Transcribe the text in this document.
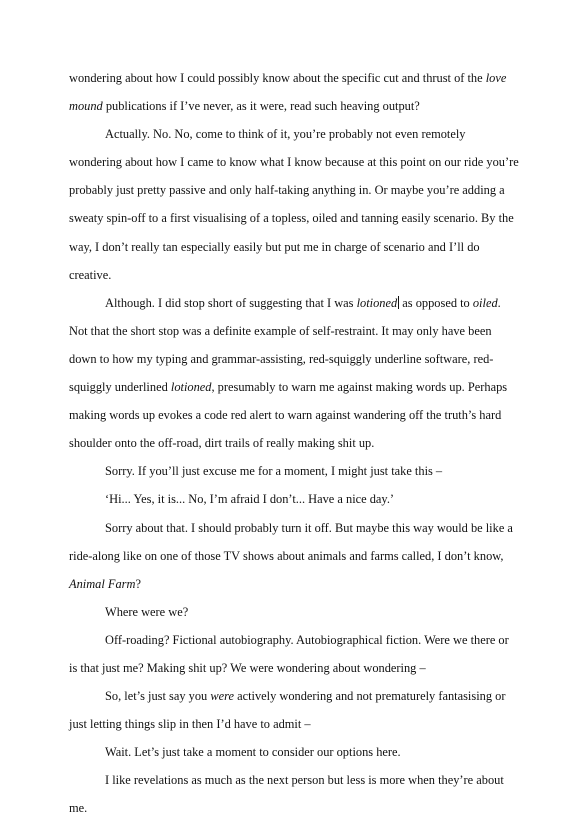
wondering about how I could possibly know about the specific cut and thrust of the love mound publications if I’ve never, as it were, read such heaving output?

Actually. No. No, come to think of it, you’re probably not even remotely wondering about how I came to know what I know because at this point on our ride you’re probably just pretty passive and only half-taking anything in. Or maybe you’re adding a sweaty spin-off to a first visualising of a topless, oiled and tanning easily scenario. By the way, I don’t really tan especially easily but put me in charge of scenario and I’ll do creative.

Although. I did stop short of suggesting that I was lotioned as opposed to oiled. Not that the short stop was a definite example of self-restraint. It may only have been down to how my typing and grammar-assisting, red-squiggly underline software, red-squiggly underlined lotioned, presumably to warn me against making words up. Perhaps making words up evokes a code red alert to warn against wandering off the truth’s hard shoulder onto the off-road, dirt trails of really making shit up.

Sorry. If you’ll just excuse me for a moment, I might just take this –

‘Hi... Yes, it is... No, I’m afraid I don’t... Have a nice day.’

Sorry about that. I should probably turn it off. But maybe this way would be like a ride-along like on one of those TV shows about animals and farms called, I don’t know, Animal Farm?

Where were we?

Off-roading? Fictional autobiography. Autobiographical fiction. Were we there or is that just me? Making shit up? We were wondering about wondering –

So, let’s just say you were actively wondering and not prematurely fantasising or just letting things slip in then I’d have to admit –

Wait. Let’s just take a moment to consider our options here.

I like revelations as much as the next person but less is more when they’re about me.
